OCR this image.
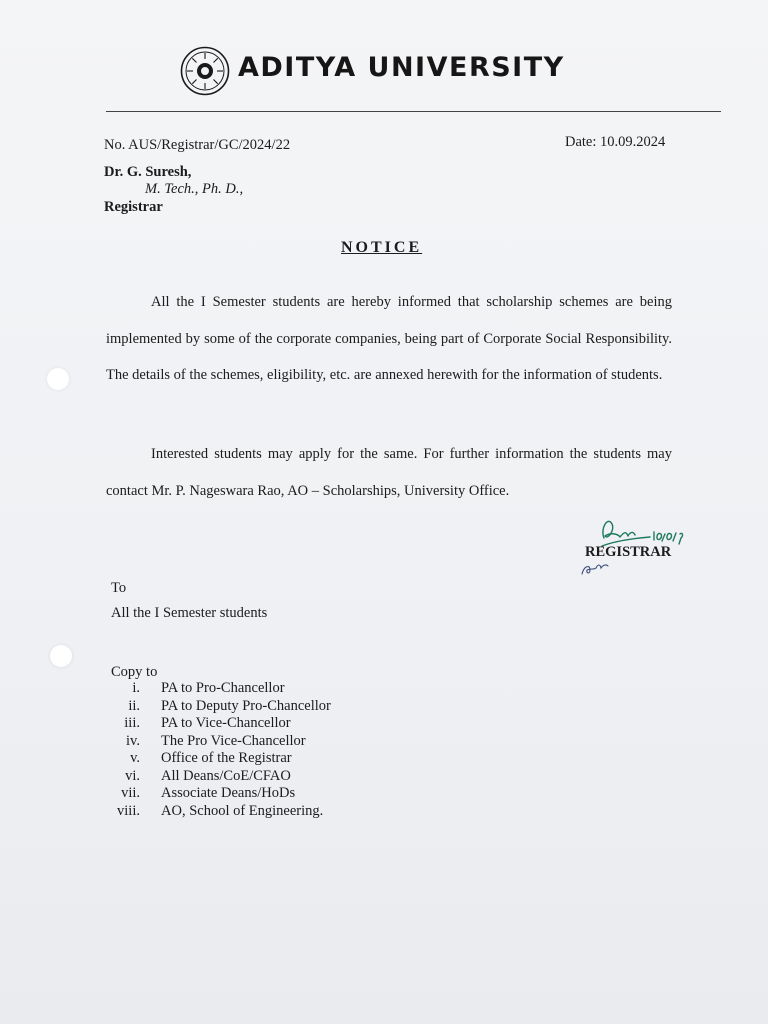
ADITYA UNIVERSITY
No. AUS/Registrar/GC/2024/22	Date: 10.09.2024
Dr. G. Suresh,
M. Tech., Ph. D.,
Registrar
NOTICE
All the I Semester students are hereby informed that scholarship schemes are being implemented by some of the corporate companies, being part of Corporate Social Responsibility. The details of the schemes, eligibility, etc. are annexed herewith for the information of students.
Interested students may apply for the same. For further information the students may contact Mr. P. Nageswara Rao, AO – Scholarships, University Office.
REGISTRAR
To
All the I Semester students
Copy to
i. PA to Pro-Chancellor
ii. PA to Deputy Pro-Chancellor
iii. PA to Vice-Chancellor
iv. The Pro Vice-Chancellor
v. Office of the Registrar
vi. All Deans/CoE/CFAO
vii. Associate Deans/HoDs
viii. AO, School of Engineering.
